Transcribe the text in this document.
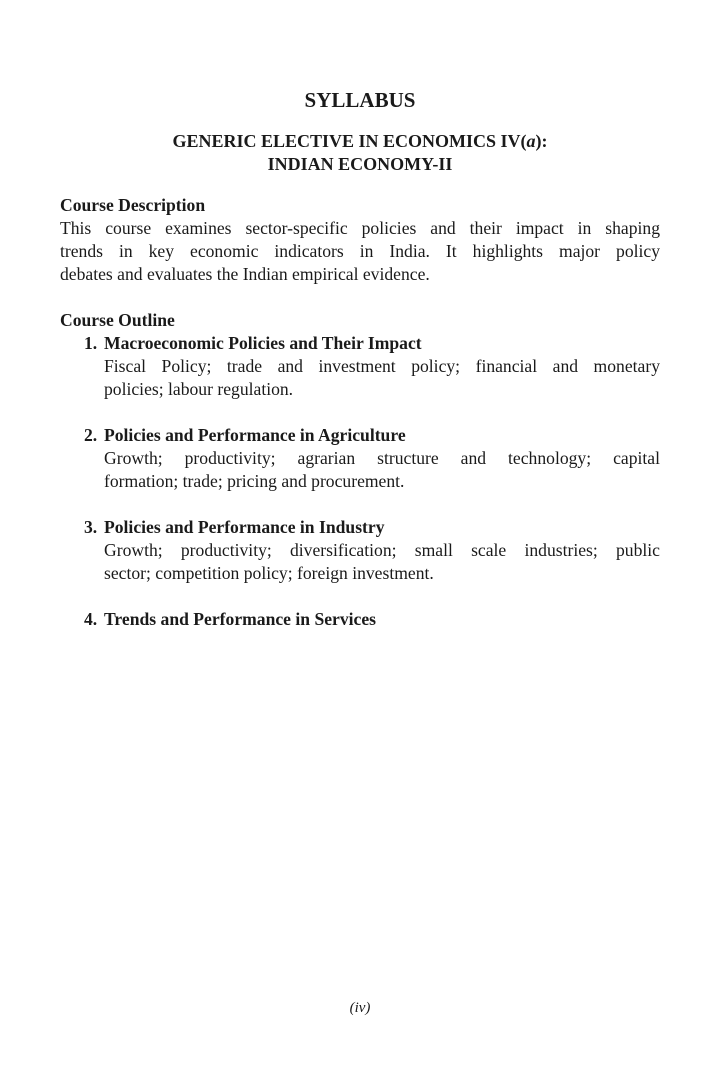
SYLLABUS
GENERIC ELECTIVE IN ECONOMICS IV(a):
INDIAN ECONOMY-II
Course Description
This course examines sector-specific policies and their impact in shaping
trends in key economic indicators in India. It highlights major policy
debates and evaluates the Indian empirical evidence.
Course Outline
1. Macroeconomic Policies and Their Impact
Fiscal Policy; trade and investment policy; financial and monetary
policies; labour regulation.
2. Policies and Performance in Agriculture
Growth; productivity; agrarian structure and technology; capital
formation; trade; pricing and procurement.
3. Policies and Performance in Industry
Growth; productivity; diversification; small scale industries; public
sector; competition policy; foreign investment.
4. Trends and Performance in Services
(iv)
